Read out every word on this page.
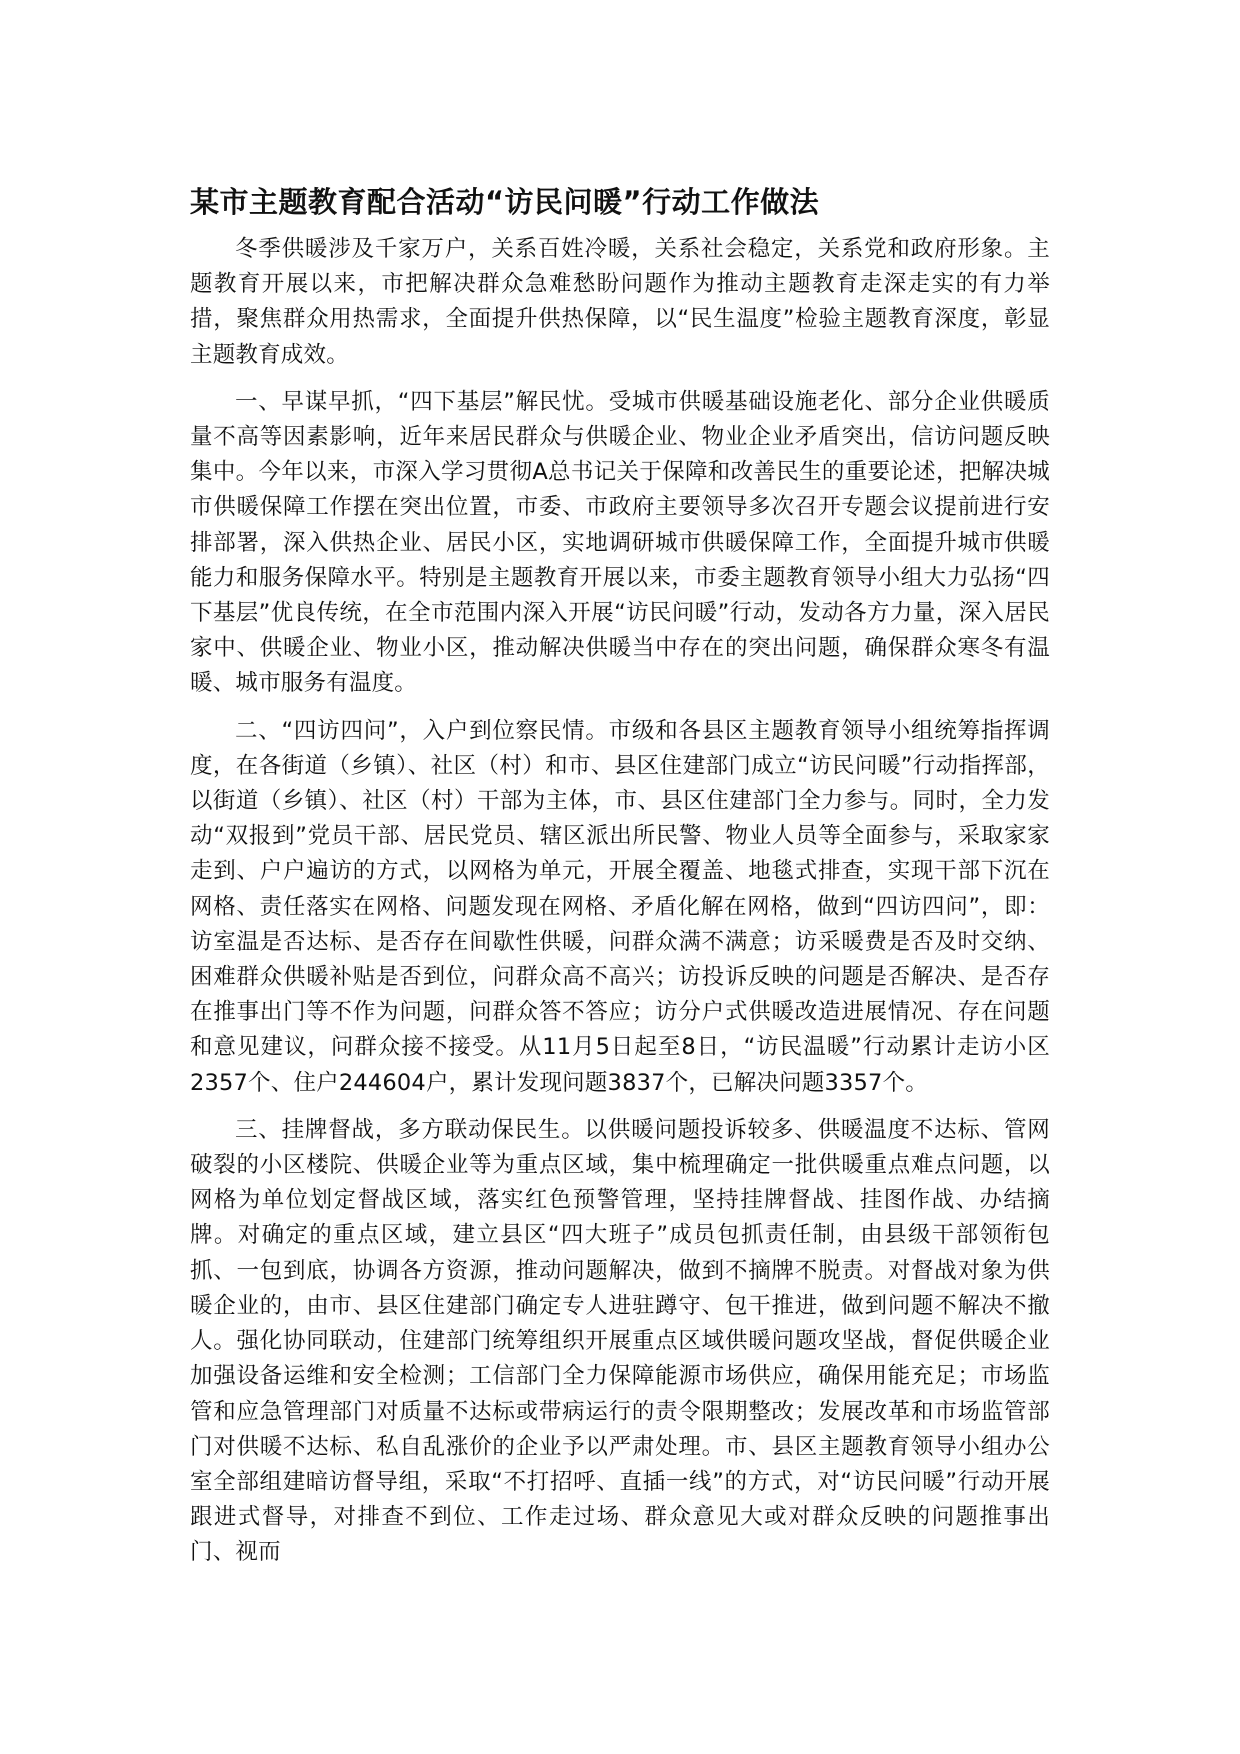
某市主题教育配合活动“访民问暖”行动工作做法

冬季供暖涉及千家万户，关系百姓冷暖，关系社会稳定，关系党和政府形象。主题教育开展以来，市把解决群众急难愁盼问题作为推动主题教育走深走实的有力举措，聚焦群众用热需求，全面提升供热保障，以“民生温度”检验主题教育深度，彰显主题教育成效。

一、早谋早抓，“四下基层”解民忧。受城市供暖基础设施老化、部分企业供暖质量不高等因素影响，近年来居民群众与供暖企业、物业企业矛盾突出，信访问题反映集中。今年以来，市深入学习贯彻A总书记关于保障和改善民生的重要论述，把解决城市供暖保障工作摆在突出位置，市委、市政府主要领导多次召开专题会议提前进行安排部署，深入供热企业、居民小区，实地调研城市供暖保障工作，全面提升城市供暖能力和服务保障水平。特别是主题教育开展以来，市委主题教育领导小组大力弘扬“四下基层”优良传统，在全市范围内深入开展“访民问暖”行动，发动各方力量，深入居民家中、供暖企业、物业小区，推动解决供暖当中存在的突出问题，确保群众寒冬有温暖、城市服务有温度。

二、“四访四问”，入户到位察民情。市级和各县区主题教育领导小组统筹指挥调度，在各街道（乡镇）、社区（村）和市、县区住建部门成立“访民问暖”行动指挥部，以街道（乡镇）、社区（村）干部为主体，市、县区住建部门全力参与。同时，全力发动“双报到”党员干部、居民党员、辖区派出所民警、物业人员等全面参与，采取家家走到、户户遍访的方式，以网格为单元，开展全覆盖、地毯式排查，实现干部下沉在网格、责任落实在网格、问题发现在网格、矛盾化解在网格，做到“四访四问”，即：访室温是否达标、是否存在间歇性供暖，问群众满不满意；访采暖费是否及时交纳、困难群众供暖补贴是否到位，问群众高不高兴；访投诉反映的问题是否解决、是否存在推事出门等不作为问题，问群众答不答应；访分户式供暖改造进展情况、存在问题和意见建议，问群众接不接受。从11月5日起至8日，“访民温暖”行动累计走访小区2357个、住户244604户，累计发现问题3837个，已解决问题3357个。

三、挂牌督战，多方联动保民生。以供暖问题投诉较多、供暖温度不达标、管网破裂的小区楼院、供暖企业等为重点区域，集中梳理确定一批供暖重点难点问题，以网格为单位划定督战区域，落实红色预警管理，坚持挂牌督战、挂图作战、办结摘牌。对确定的重点区域，建立县区“四大班子”成员包抓责任制，由县级干部领衔包抓、一包到底，协调各方资源，推动问题解决，做到不摘牌不脱责。对督战对象为供暖企业的，由市、县区住建部门确定专人进驻蹲守、包干推进，做到问题不解决不撤人。强化协同联动，住建部门统筹组织开展重点区域供暖问题攻坚战，督促供暖企业加强设备运维和安全检测；工信部门全力保障能源市场供应，确保用能充足；市场监管和应急管理部门对质量不达标或带病运行的责令限期整改；发展改革和市场监管部门对供暖不达标、私自乱涨价的企业予以严肃处理。市、县区主题教育领导小组办公室全部组建暗访督导组，采取“不打招呼、直插一线”的方式，对“访民问暖”行动开展跟进式督导，对排查不到位、工作走过场、群众意见大或对群众反映的问题推事出门、视而
